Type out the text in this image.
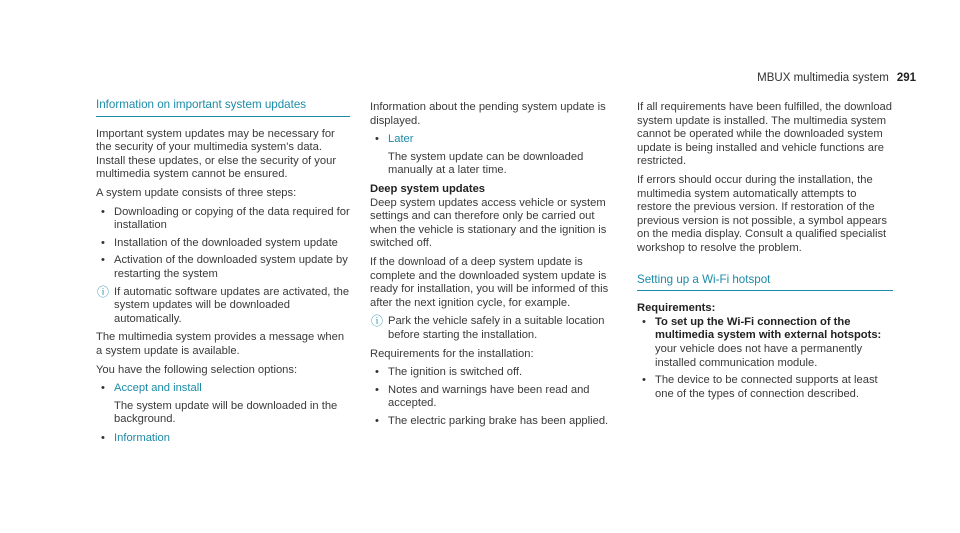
MBUX multimedia system 291
Information on important system updates

Important system updates may be necessary for the security of your multimedia system's data. Install these updates, or else the security of your multimedia system cannot be ensured.

A system update consists of three steps:

• Downloading or copying of the data required for installation
• Installation of the downloaded system update
• Activation of the downloaded system update by restarting the system
ⓘ If automatic software updates are activated, the system updates will be downloaded automatically.

The multimedia system provides a message when a system update is available.

You have the following selection options:

• Accept and install
The system update will be downloaded in the background.
• Information
Information about the pending system update is displayed.
• Later
The system update can be downloaded manually at a later time.
Deep system updates

Deep system updates access vehicle or system settings and can therefore only be carried out when the vehicle is stationary and the ignition is switched off.

If the download of a deep system update is complete and the downloaded system update is ready for installation, you will be informed of this after the next ignition cycle, for example.

ⓘ Park the vehicle safely in a suitable location before starting the installation.

Requirements for the installation:

• The ignition is switched off.
• Notes and warnings have been read and accepted.
• The electric parking brake has been applied.

If all requirements have been fulfilled, the download system update is installed. The multimedia system cannot be operated while the downloaded system update is being installed and vehicle functions are restricted.

If errors should occur during the installation, the multimedia system automatically attempts to restore the previous version. If restoration of the previous version is not possible, a symbol appears on the media display. Consult a qualified specialist workshop to resolve the problem.

Setting up a Wi-Fi hotspot
Requirements:
• To set up the Wi-Fi connection of the multimedia system with external hotspots: your vehicle does not have a permanently installed communication module.
• The device to be connected supports at least one of the types of connection described.
